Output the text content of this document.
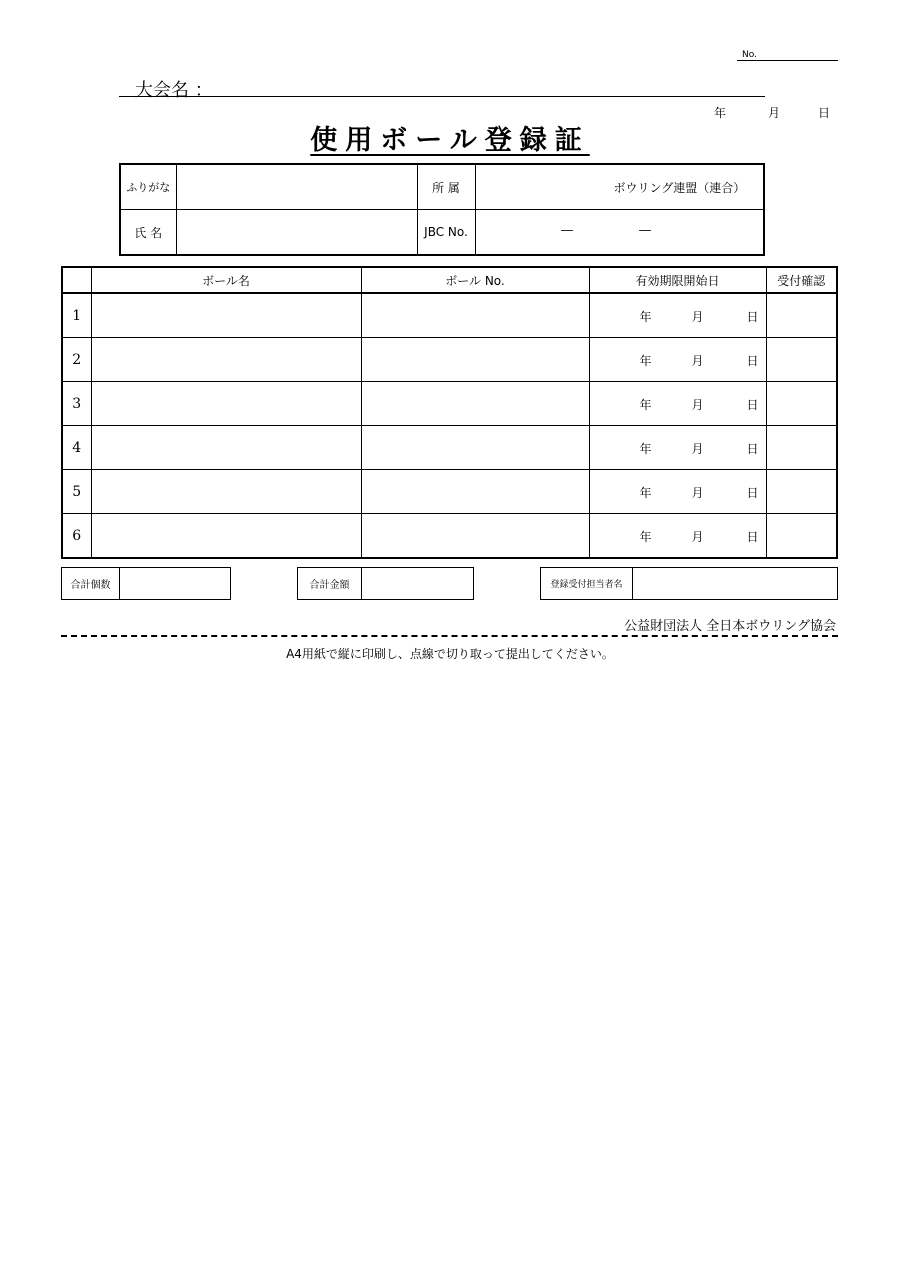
No.
大会名 ：
年	月	日
使用ボール登録証
ふりがな		所 属	ボウリング連盟（連合）
氏 名		JBC No.	— —
	ボール名	ボール No.	有効期限開始日	受付確認
1			年 月 日	

2			年 月 日	

3			年 月 日	

4			年 月 日	

5			年 月 日	

6			年 月 日	

合計個数	合計金額	登録受付担当者名
公益財団法人 全日本ボウリング協会
A4用紙で縦に印刷し、点線で切り取って提出してください。
